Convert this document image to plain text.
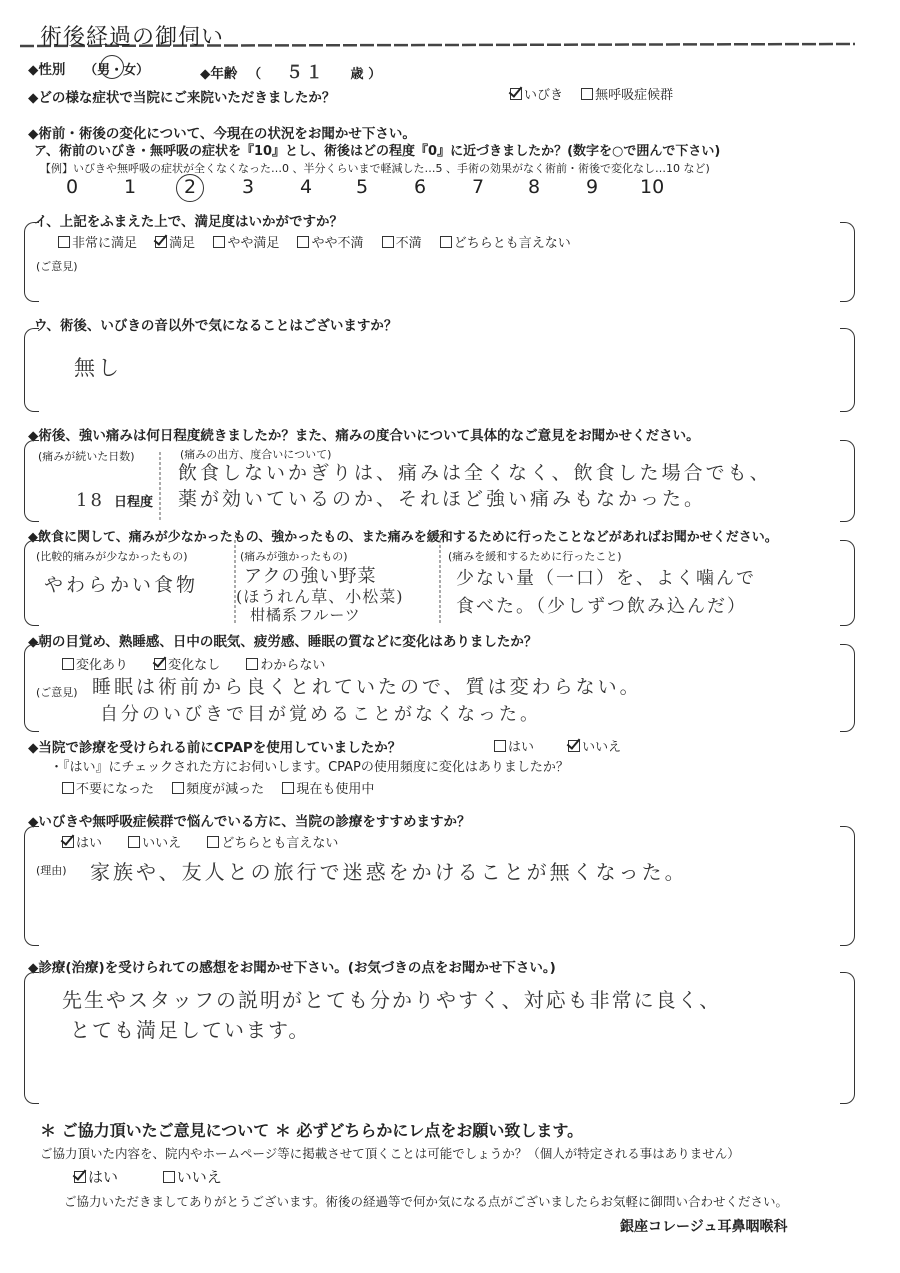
術後経過の御伺い
◆性別 （男・女）	◆年齢 （ ５１ 歳 ）
◆どの様な症状で当院にご来院いただきましたか？	いびき 無呼吸症候群
◆術前・術後の変化について、今現在の状況をお聞かせ下さい。
ア、術前のいびき・無呼吸の症状を『10』とし、術後はどの程度『0』に近づきましたか？(数字を○で囲んで下さい)
【例】いびきや無呼吸の症状が全くなくなった…0 、半分くらいまで軽減した…5 、手術の効果がなく術前・術後で変化なし…10 など)
0 1	2 3 4 5 6 7 8 9 10
イ、上記をふまえた上で、満足度はいかがですか？
非常に満足 満足 やや満足 やや不満 不満 どちらとも言えない
(ご意見)
ウ、術後、いびきの音以外で気になることはございますか？
無し
◆術後、強い痛みは何日程度続きましたか？また、痛みの度合いについて具体的なご意見をお聞かせください。
(痛みが続いた日数)
18 日程度
(痛みの出方、度合いについて)
飲食しないかぎりは、痛みは全くなく、飲食した場合でも、
薬が効いているのか、それほど強い痛みもなかった。
◆飲食に関して、痛みが少なかったもの、強かったもの、また痛みを緩和するために行ったことなどがあればお聞かせください。
(比較的痛みが少なかったもの)
やわらかい食物
(痛みが強かったもの)
アクの強い野菜
(ほうれん草、小松菜)
柑橘系フルーツ
(痛みを緩和するために行ったこと)
少ない量（一口）を、よく噛んで
食べた。（少しずつ飲み込んだ）
◆朝の目覚め、熟睡感、日中の眠気、疲労感、睡眠の質などに変化はありましたか？
変化あり	変化なし	わからない
(ご意見) 睡眠は術前から良くとれていたので、質は変わらない。
自分のいびきで目が覚めることがなくなった。
◆当院で診療を受けられる前にCPAPを使用していましたか？	はい	いいえ
・『はい』にチェックされた方にお伺いします。CPAPの使用頻度に変化はありましたか？
不要になった 頻度が減った 現在も使用中
◆いびきや無呼吸症候群で悩んでいる方に、当院の診療をすすめますか？
はい	いいえ	どちらとも言えない
(理由) 家族や、友人との旅行で迷惑をかけることが無くなった。
◆診療(治療)を受けられての感想をお聞かせ下さい。(お気づきの点をお聞かせ下さい。)
先生やスタッフの説明がとても分かりやすく、対応も非常に良く、
とても満足しています。
＊ ご協力頂いたご意見について ＊ 必ずどちらかにレ点をお願い致します。
ご協力頂いた内容を、院内やホームページ等に掲載させて頂くことは可能でしょうか？（個人が特定される事はありません）
はい	いいえ
ご協力いただきましてありがとうございます。術後の経過等で何か気になる点がございましたらお気軽に御問い合わせください。
銀座コレージュ耳鼻咽喉科
